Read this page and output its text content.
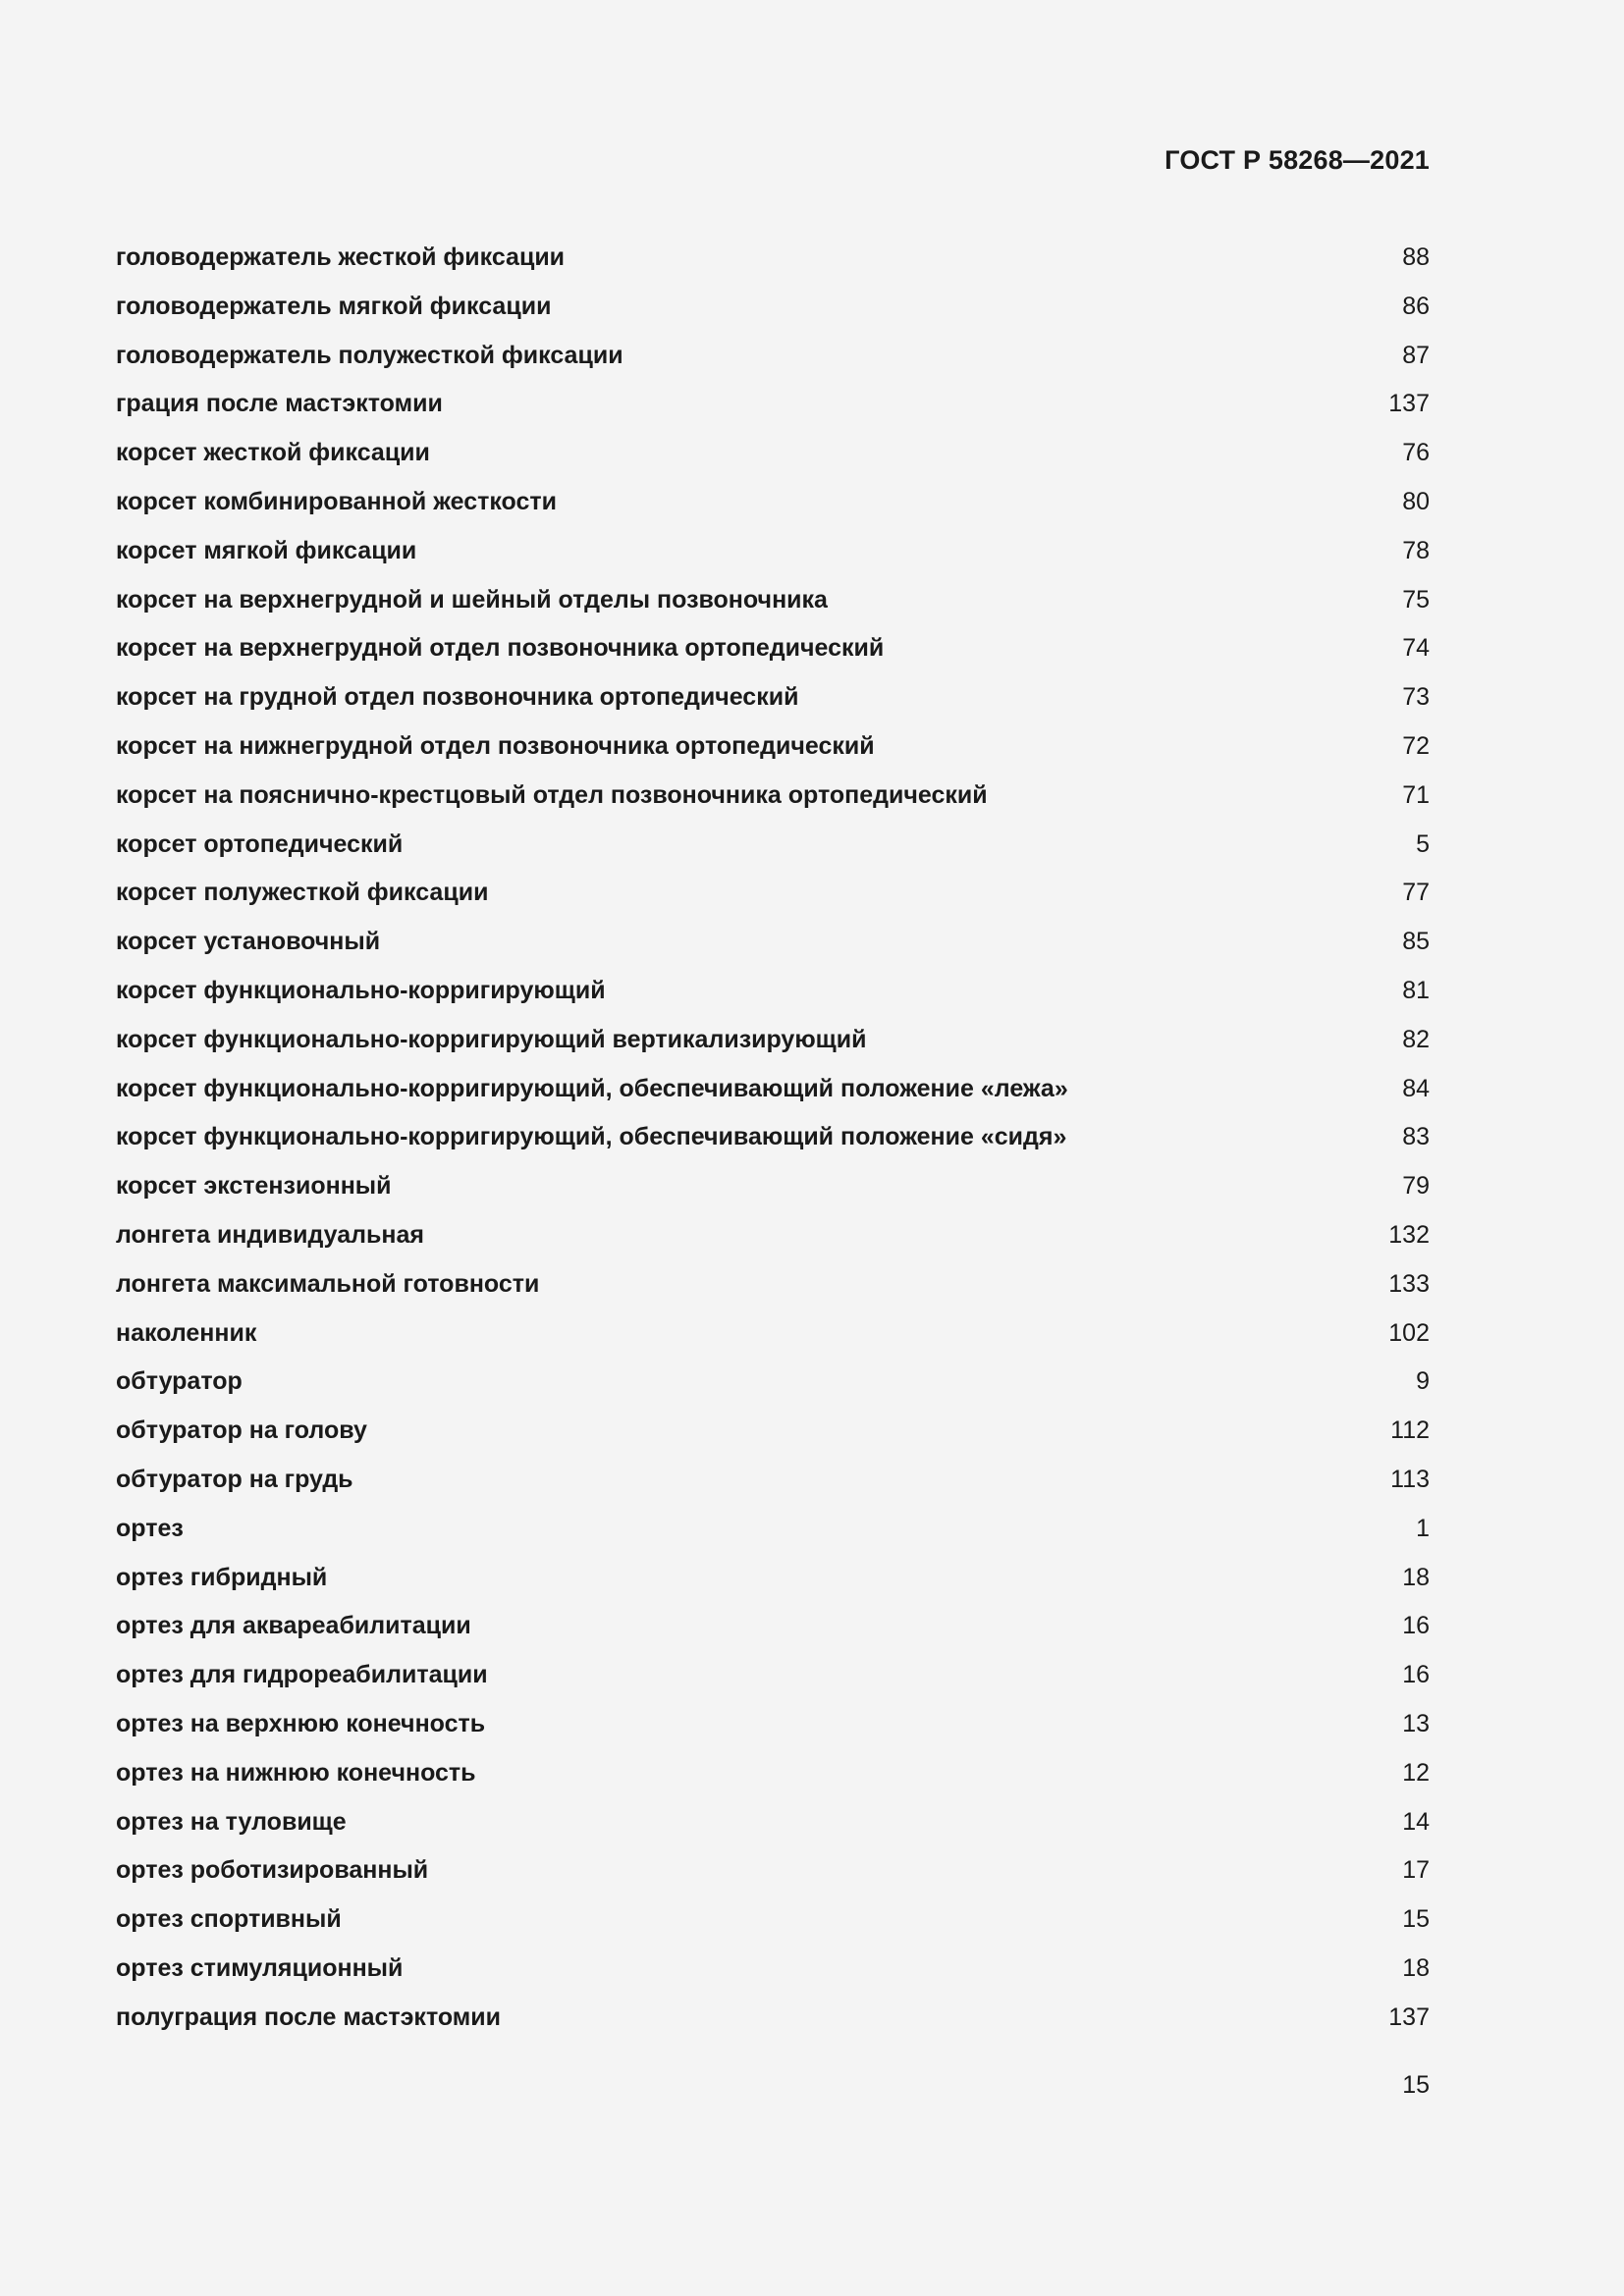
ГОСТ Р 58268—2021
головодержатель жесткой фиксации	88
головодержатель мягкой фиксации	86
головодержатель полужесткой фиксации	87
грация после мастэктомии	137
корсет жесткой фиксации	76
корсет комбинированной жесткости	80
корсет мягкой фиксации	78
корсет на верхнегрудной и шейный отделы позвоночника	75
корсет на верхнегрудной отдел позвоночника ортопедический	74
корсет на грудной отдел позвоночника ортопедический	73
корсет на нижнегрудной отдел позвоночника ортопедический	72
корсет на пояснично-крестцовый отдел позвоночника ортопедический	71
корсет ортопедический	5
корсет полужесткой фиксации	77
корсет установочный	85
корсет функционально-корригирующий	81
корсет функционально-корригирующий вертикализирующий	82
корсет функционально-корригирующий, обеспечивающий положение «лежа»	84
корсет функционально-корригирующий, обеспечивающий положение «сидя»	83
корсет экстензионный	79
лонгета индивидуальная	132
лонгета максимальной готовности	133
наколенник	102
обтуратор	9
обтуратор на голову	112
обтуратор на грудь	113
ортез	1
ортез гибридный	18
ортез для аквареабилитации	16
ортез для гидрореабилитации	16
ортез на верхнюю конечность	13
ортез на нижнюю конечность	12
ортез на туловище	14
ортез роботизированный	17
ортез спортивный	15
ортез стимуляционный	18
полуграция после мастэктомии	137
15
